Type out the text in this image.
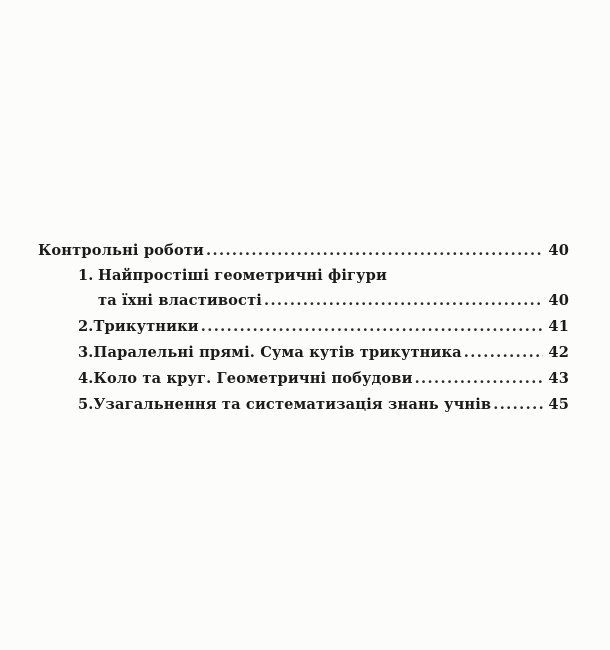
Контрольні роботи .....	40
1. Найпростіші геометричні фігури
та їхні властивості .....	40
2. Трикутники .....	41
3. Паралельні прямі. Сума кутів трикутника .....	42
4. Коло та круг. Геометричні побудови .....	43
5. Узагальнення та систематизація знань учнів .....	45
